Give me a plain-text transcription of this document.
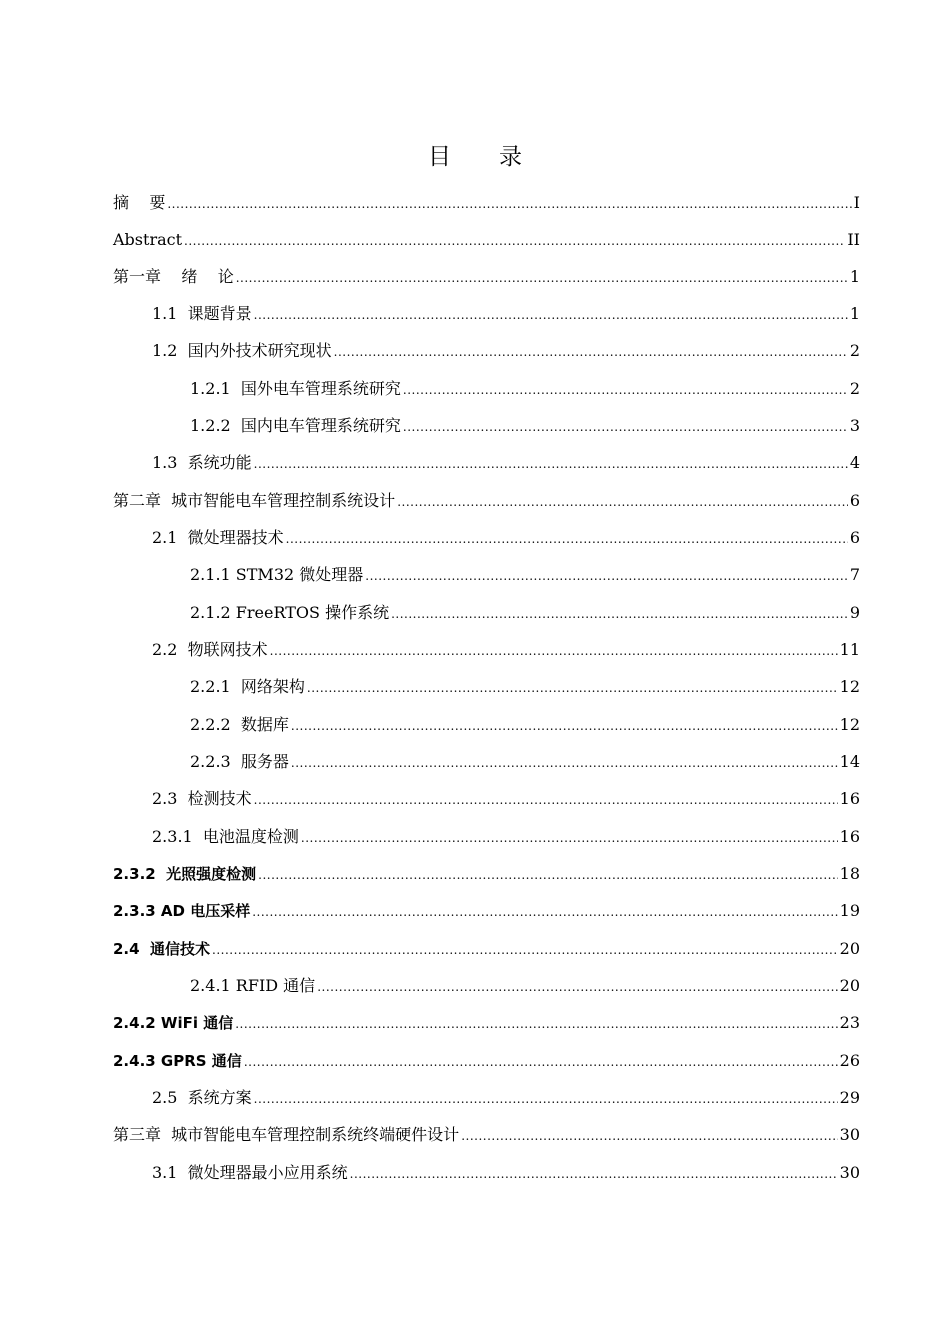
目 录
摘    要 .....	I
Abstract .....	II
第一章    绪    论 .....	1
1.1  课题背景 .....	1
1.2  国内外技术研究现状 .....	2
1.2.1  国外电车管理系统研究 .....	2
1.2.2  国内电车管理系统研究 .....	3
1.3  系统功能 .....	4
第二章  城市智能电车管理控制系统设计 .....	6
2.1  微处理器技术 .....	6
2.1.1 STM32 微处理器 .....	7
2.1.2 FreeRTOS 操作系统 .....	9
2.2  物联网技术 .....	11
2.2.1  网络架构 .....	12
2.2.2  数据库 .....	12
2.2.3  服务器 .....	14
2.3  检测技术 .....	16
2.3.1  电池温度检测 .....	16
2.3.2  光照强度检测 .....	18
2.3.3 AD 电压采样 .....	19
2.4  通信技术 .....	20
2.4.1 RFID 通信 .....	20
2.4.2 WiFi 通信 .....	23
2.4.3 GPRS 通信 .....	26
2.5  系统方案 .....	29
第三章  城市智能电车管理控制系统终端硬件设计 .....	30
3.1  微处理器最小应用系统 .....	30
